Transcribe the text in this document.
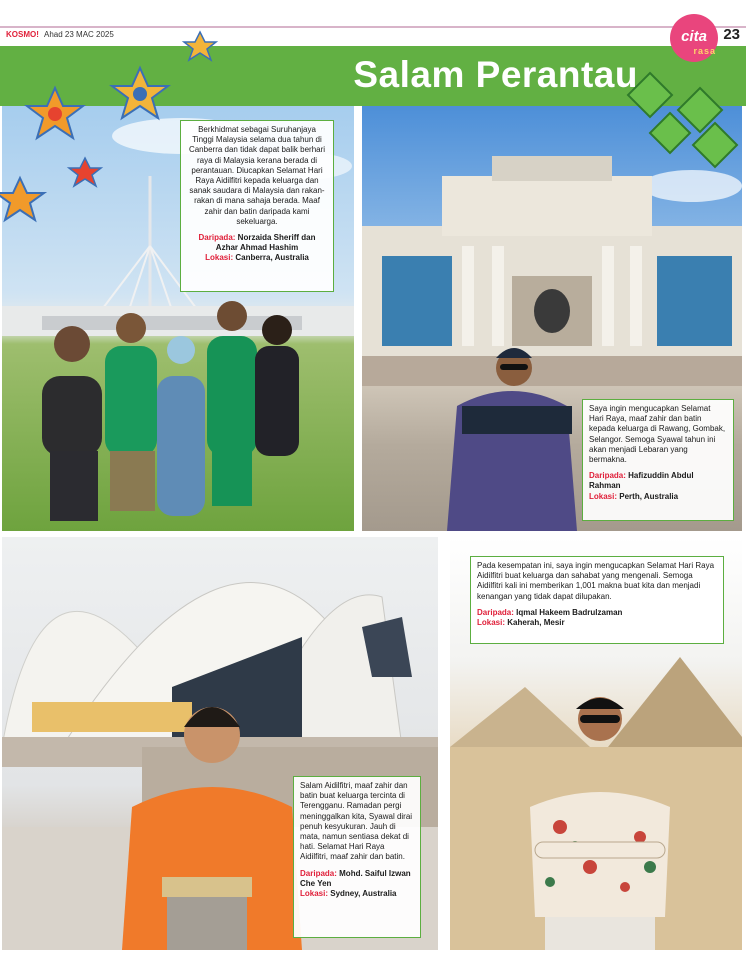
KOSMO! Ahad 23 MAC 2025	23
Salam Perantau
cita
rasa
Berkhidmat sebagai Suruhanjaya Tinggi Malaysia selama dua tahun di Canberra dan tidak dapat balik berhari raya di Malaysia kerana berada di perantauan. Diucapkan Selamat Hari Raya Aidilfitri kepada keluarga dan sanak saudara di Malaysia dan rakan-rakan di mana sahaja berada. Maaf zahir dan batin daripada kami sekeluarga.
Daripada: Norzaida Sheriff dan Azhar Ahmad Hashim
Lokasi: Canberra, Australia
Saya ingin mengucapkan Selamat Hari Raya, maaf zahir dan batin kepada keluarga di Rawang, Gombak, Selangor. Semoga Syawal tahun ini akan menjadi Lebaran yang bermakna.
Daripada: Hafizuddin Abdul Rahman
Lokasi: Perth, Australia
Pada kesempatan ini, saya ingin mengucapkan Selamat Hari Raya Aidilfitri buat keluarga dan sahabat yang mengenali. Semoga Aidilfitri kali ini memberikan 1,001 makna buat kita dan menjadi kenangan yang tidak dapat dilupakan.
Daripada: Iqmal Hakeem Badrulzaman
Lokasi: Kaherah, Mesir
Salam Aidilfitri, maaf zahir dan batin buat keluarga tercinta di Terengganu. Ramadan pergi meninggalkan kita, Syawal dirai penuh kesyukuran. Jauh di mata, namun sentiasa dekat di hati. Selamat Hari Raya Aidilfitri, maaf zahir dan batin.
Daripada: Mohd. Saiful Izwan Che Yen
Lokasi: Sydney, Australia
